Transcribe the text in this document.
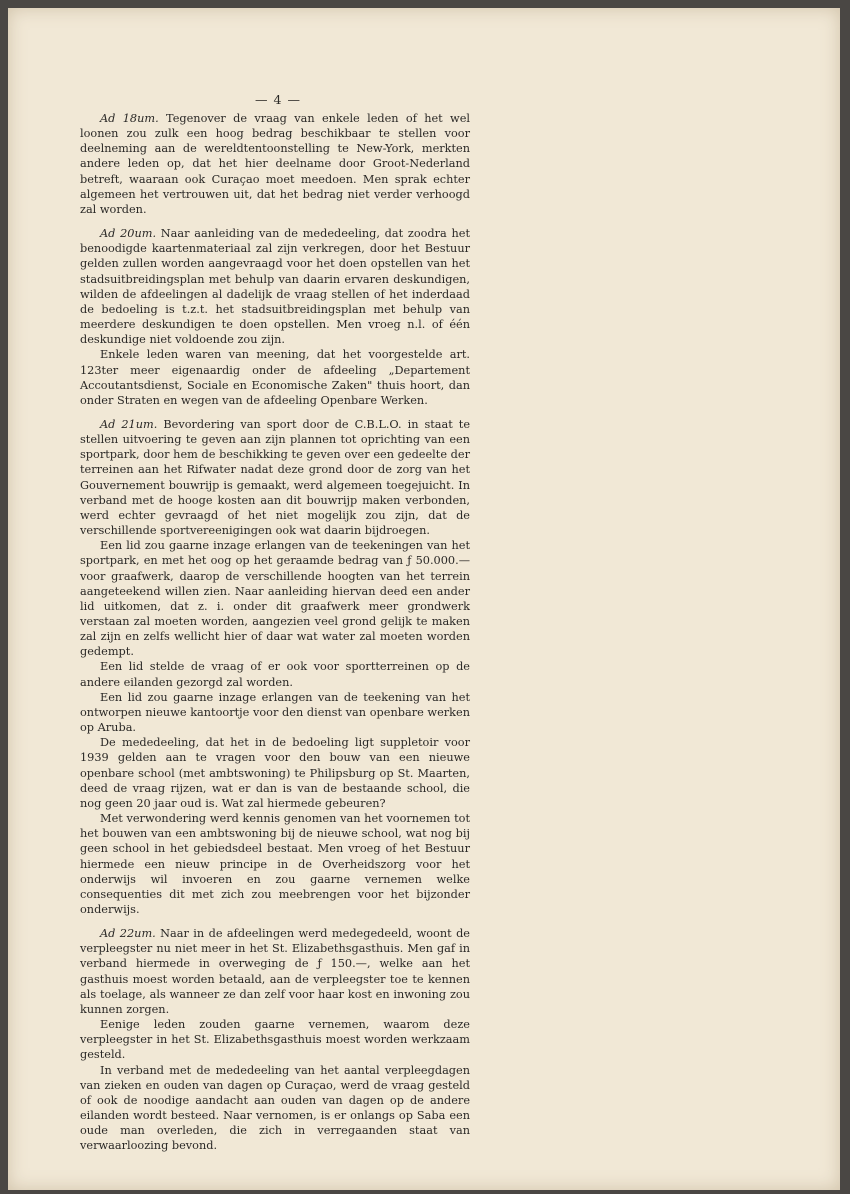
— 4 —

Ad 18um. Tegenover de vraag van enkele leden of het wel loonen zou zulk een hoog bedrag beschikbaar te stellen voor deelneming aan de wereldtentoonstelling te New-York, merkten andere leden op, dat het hier deelname door Groot-Nederland betreft, waaraan ook Curaçao moet meedoen. Men sprak echter algemeen het vertrouwen uit, dat het bedrag niet verder verhoogd zal worden.

Ad 20um. Naar aanleiding van de mededeeling, dat zoodra het benoodigde kaartenmateriaal zal zijn verkregen, door het Bestuur gelden zullen worden aangevraagd voor het doen opstellen van het stadsuitbreidingsplan met behulp van daarin ervaren deskundigen, wilden de afdeelingen al dadelijk de vraag stellen of het inderdaad de bedoeling is t.z.t. het stadsuitbreidingsplan met behulp van meerdere deskundigen te doen opstellen. Men vroeg n.l. of één deskundige niet voldoende zou zijn.

Enkele leden waren van meening, dat het voorgestelde art. 123ter meer eigenaardig onder de afdeeling „Departement Accoutantsdienst, Sociale en Economische Zaken" thuis hoort, dan onder Straten en wegen van de afdeeling Openbare Werken.

Ad 21um. Bevordering van sport door de C.B.L.O. in staat te stellen uitvoering te geven aan zijn plannen tot oprichting van een sportpark, door hem de beschikking te geven over een gedeelte der terreinen aan het Rifwater nadat deze grond door de zorg van het Gouvernement bouwrijp is gemaakt, werd algemeen toegejuicht. In verband met de hooge kosten aan dit bouwrijp maken verbonden, werd echter gevraagd of het niet mogelijk zou zijn, dat de verschillende sportvereenigingen ook wat daarin bijdroegen.

Een lid zou gaarne inzage erlangen van de teekeningen van het sportpark, en met het oog op het geraamde bedrag van ƒ 50.000.— voor graafwerk, daarop de verschillende hoogten van het terrein aangeteekend willen zien. Naar aanleiding hiervan deed een ander lid uitkomen, dat z. i. onder dit graafwerk meer grondwerk verstaan zal moeten worden, aangezien veel grond gelijk te maken zal zijn en zelfs wellicht hier of daar wat water zal moeten worden gedempt.

Een lid stelde de vraag of er ook voor sportterreinen op de andere eilanden gezorgd zal worden.

Een lid zou gaarne inzage erlangen van de teekening van het ontworpen nieuwe kantoortje voor den dienst van openbare werken op Aruba.

De mededeeling, dat het in de bedoeling ligt suppletoir voor 1939 gelden aan te vragen voor den bouw van een nieuwe openbare school (met ambtswoning) te Philipsburg op St. Maarten, deed de vraag rijzen, wat er dan is van de bestaande school, die nog geen 20 jaar oud is. Wat zal hiermede gebeuren?

Met verwondering werd kennis genomen van het voornemen tot het bouwen van een ambtswoning bij de nieuwe school, wat nog bij geen school in het gebiedsdeel bestaat. Men vroeg of het Bestuur hiermede een nieuw principe in de Overheidszorg voor het onderwijs wil invoeren en zou gaarne vernemen welke consequenties dit met zich zou meebrengen voor het bijzonder onderwijs.

Ad 22um. Naar in de afdeelingen werd medegedeeld, woont de verpleegster nu niet meer in het St. Elizabethsgasthuis. Men gaf in verband hiermede in overweging de ƒ 150.—, welke aan het gasthuis moest worden betaald, aan de verpleegster toe te kennen als toelage, als wanneer ze dan zelf voor haar kost en inwoning zou kunnen zorgen.

Eenige leden zouden gaarne vernemen, waarom deze verpleegster in het St. Elizabethsgasthuis moest worden werkzaam gesteld.

In verband met de mededeeling van het aantal verpleegdagen van zieken en ouden van dagen op Curaçao, werd de vraag gesteld of ook de noodige aandacht aan ouden van dagen op de andere eilanden wordt besteed. Naar vernomen, is er onlangs op Saba een oude man overleden, die zich in verregaanden staat van verwaarloozing bevond.
